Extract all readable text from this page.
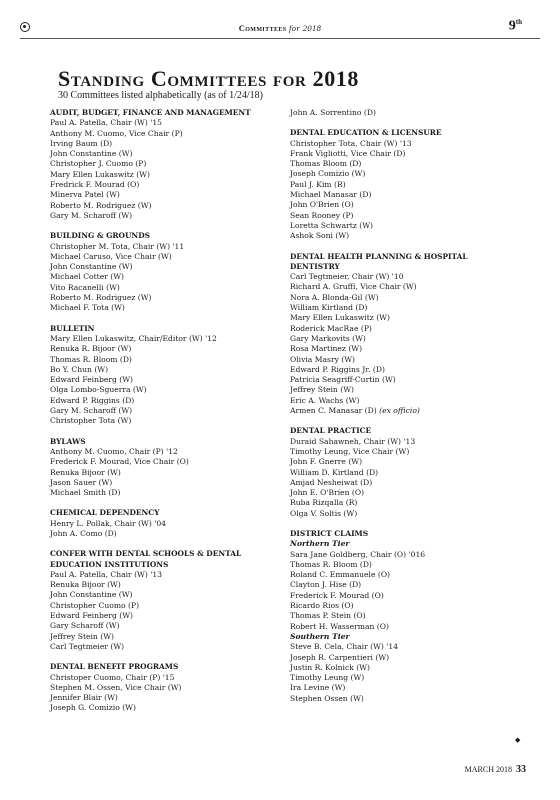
Committees for 2018	9th
Standing Committees for 2018
30 Committees listed alphabetically (as of 1/24/18)
AUDIT, BUDGET, FINANCE AND MANAGEMENT
Paul A. Patella, Chair (W) '15
Anthony M. Cuomo, Vice Chair (P)
Irving Baum (D)
John Constantine (W)
Christopher J. Cuomo (P)
Mary Ellen Lukaswitz (W)
Fredrick F. Mourad (O)
Minerva Patel (W)
Roberto M. Rodriguez (W)
Gary M. Scharoff (W)
BUILDING & GROUNDS
Christopher M. Tota, Chair (W) '11
Michael Caruso, Vice Chair (W)
John Constantine (W)
Michael Cotter (W)
Vito Racanelli (W)
Roberto M. Rodriguez (W)
Michael F. Tota (W)
BULLETIN
Mary Ellen Lukaswitz, Chair/Editor (W) '12
Renuka R. Bijoor (W)
Thomas R. Bloom (D)
Bo Y. Chun (W)
Edward Feinberg (W)
Olga Lombo-Sguerra (W)
Edward P. Riggins (D)
Gary M. Scharoff (W)
Christopher Tota (W)
BYLAWS
Anthony M. Cuomo, Chair (P) '12
Frederick F. Mourad, Vice Chair (O)
Renuka Bijoor (W)
Jason Sauer (W)
Michael Smith (D)
CHEMICAL DEPENDENCY
Henry L. Pollak, Chair (W) '04
John A. Como (D)
CONFER WITH DENTAL SCHOOLS & DENTAL EDUCATION INSTITUTIONS
Paul A. Patella, Chair (W) '13
Renuka Bijoor (W)
John Constantine (W)
Christopher Cuomo (P)
Edward Feinberg (W)
Gary Scharoff (W)
Jeffrey Stein (W)
Carl Tegtmeier (W)
DENTAL BENEFIT PROGRAMS
Christoper Cuomo, Chair (P) '15
Stephen M. Ossen, Vice Chair (W)
Jennifer Blair (W)
Joseph G. Comizio (W)
John A. Sorrentino (D)
DENTAL EDUCATION & LICENSURE
Christopher Tota, Chair (W) '13
Frank Vigliotti, Vice Chair (D)
Thomas Bloom (D)
Joseph Comizio (W)
Paul J. Kim (R)
Michael Manasar (D)
John O'Brien (O)
Sean Rooney (P)
Loretta Schwartz (W)
Ashok Soni (W)
DENTAL HEALTH PLANNING & HOSPITAL DENTISTRY
Carl Tegtmeier, Chair (W) '10
Richard A. Gruffi, Vice Chair (W)
Nora A. Blonda-Gil (W)
William Kirtland (D)
Mary Ellen Lukaswitz (W)
Roderick MacRae (P)
Gary Markovits (W)
Rosa Martinez (W)
Olivia Masry (W)
Edward P. Riggins Jr. (D)
Patricia Seagriff-Curtin (W)
Jeffrey Stein (W)
Eric A. Wachs (W)
Armen C. Manasar (D) (ex officio)
DENTAL PRACTICE
Duraid Sahawneh, Chair (W) '13
Timothy Leung, Vice Chair (W)
John F. Gnerre (W)
William D. Kirtland (D)
Amjad Nesheiwat (D)
John E. O'Brien (O)
Ruba Rizqalla (R)
Olga V. Soltis (W)
DISTRICT CLAIMS
Northern Tier
Sara Jane Goldberg, Chair (O) '016
Thomas R. Bloom (D)
Roland C. Emmanuele (O)
Clayton J. Hise (D)
Frederick F. Mourad (O)
Ricardo Rios (O)
Thomas P. Stein (O)
Robert H. Wasserman (O)
Southern Tier
Steve B. Cela, Chair (W) '14
Joseph R. Carpentieri (W)
Justin R. Kolnick (W)
Timothy Leung (W)
Ira Levine (W)
Stephen Ossen (W)
◆
MARCH 2018 33
